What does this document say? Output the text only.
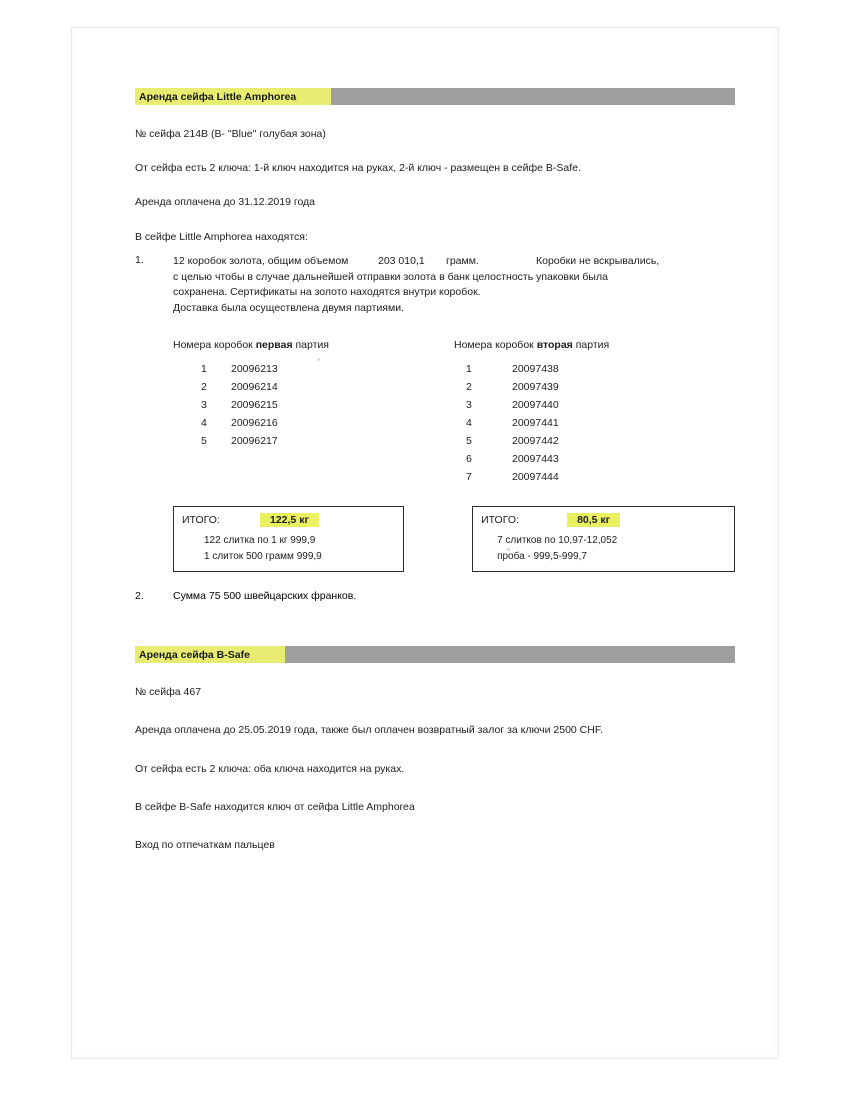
Аренда сейфа Little Amphorea
№ сейфа 214В (B- "Blue" голубая зона)
От сейфа есть 2 ключа: 1-й ключ находится на руках, 2-й ключ - размещен в сейфе B-Safe.
Аренда оплачена до 31.12.2019 года
В сейфе Little Amphorea находятся:
1.	12 коробок золота, общим объемом	203 010,1	грамм.	Коробки не вскрывались,
с целью чтобы в случае дальнейшей отправки золота в банк целостность упаковки была
сохранена. Сертификаты на золото находятся внутри коробок.
Доставка была осуществлена двумя партиями.
Номера коробок первая партия
1	20096213
2	20096214
3	20096215
4	20096216
5	20096217
Номера коробок вторая партия
1	20097438
2	20097439
3	20097440
4	20097441
5	20097442
6	20097443
7	20097444
ИТОГО:	122,5 кг
122 слитка по 1 кг 999,9
1 слиток 500 грамм 999,9
ИТОГО:	80,5 кг
7 слитков по 10,97-12,052
проба - 999,5-999,7
2.	Сумма 75 500 швейцарских франков.
Аренда сейфа B-Safe
№ сейфа 467
Аренда оплачена до 25.05.2019 года, также был оплачен возвратный залог за ключи 2500 CHF.
От сейфа есть 2 ключа: оба ключа находится на руках.
В сейфе B-Safe находится ключ от сейфа Little Amphorea
Вход по отпечаткам пальцев
